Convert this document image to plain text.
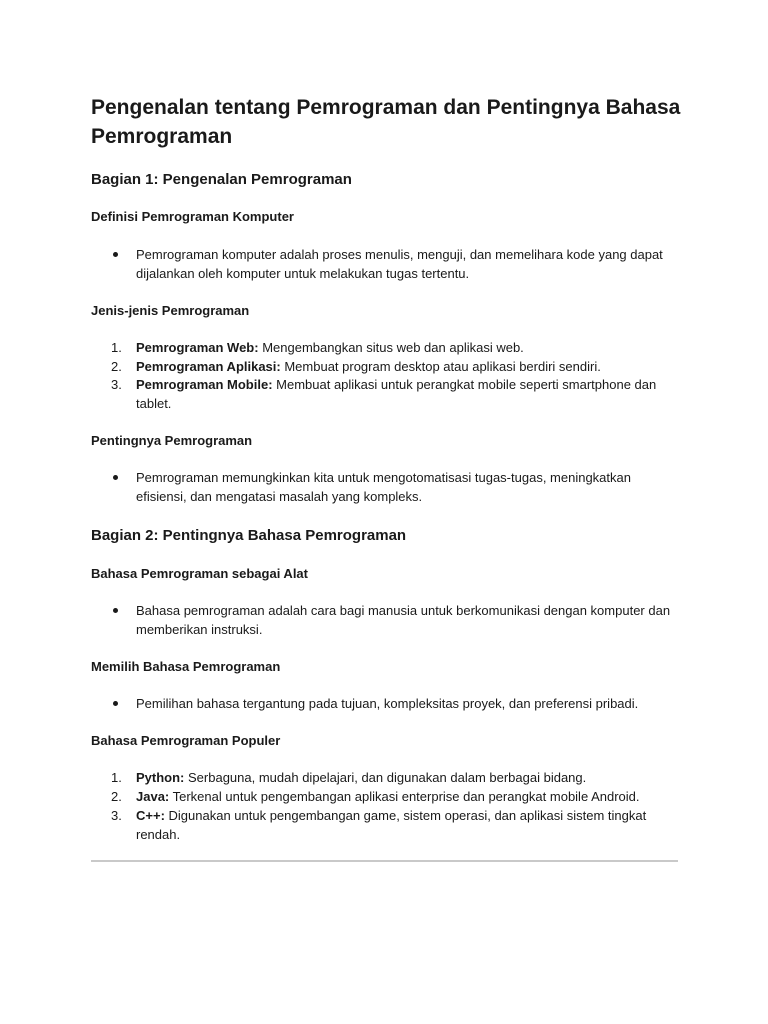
Pengenalan tentang Pemrograman dan Pentingnya Bahasa Pemrograman
Bagian 1: Pengenalan Pemrograman
Definisi Pemrograman Komputer
Pemrograman komputer adalah proses menulis, menguji, dan memelihara kode yang dapat dijalankan oleh komputer untuk melakukan tugas tertentu.
Jenis-jenis Pemrograman
1.	Pemrograman Web: Mengembangkan situs web dan aplikasi web.
2.	Pemrograman Aplikasi: Membuat program desktop atau aplikasi berdiri sendiri.
3.	Pemrograman Mobile: Membuat aplikasi untuk perangkat mobile seperti smartphone dan tablet.
Pentingnya Pemrograman
Pemrograman memungkinkan kita untuk mengotomatisasi tugas-tugas, meningkatkan efisiensi, dan mengatasi masalah yang kompleks.
Bagian 2: Pentingnya Bahasa Pemrograman
Bahasa Pemrograman sebagai Alat
Bahasa pemrograman adalah cara bagi manusia untuk berkomunikasi dengan komputer dan memberikan instruksi.
Memilih Bahasa Pemrograman
Pemilihan bahasa tergantung pada tujuan, kompleksitas proyek, dan preferensi pribadi.
Bahasa Pemrograman Populer
1.	Python: Serbaguna, mudah dipelajari, dan digunakan dalam berbagai bidang.
2.	Java: Terkenal untuk pengembangan aplikasi enterprise dan perangkat mobile Android.
3.	C++: Digunakan untuk pengembangan game, sistem operasi, dan aplikasi sistem tingkat rendah.
